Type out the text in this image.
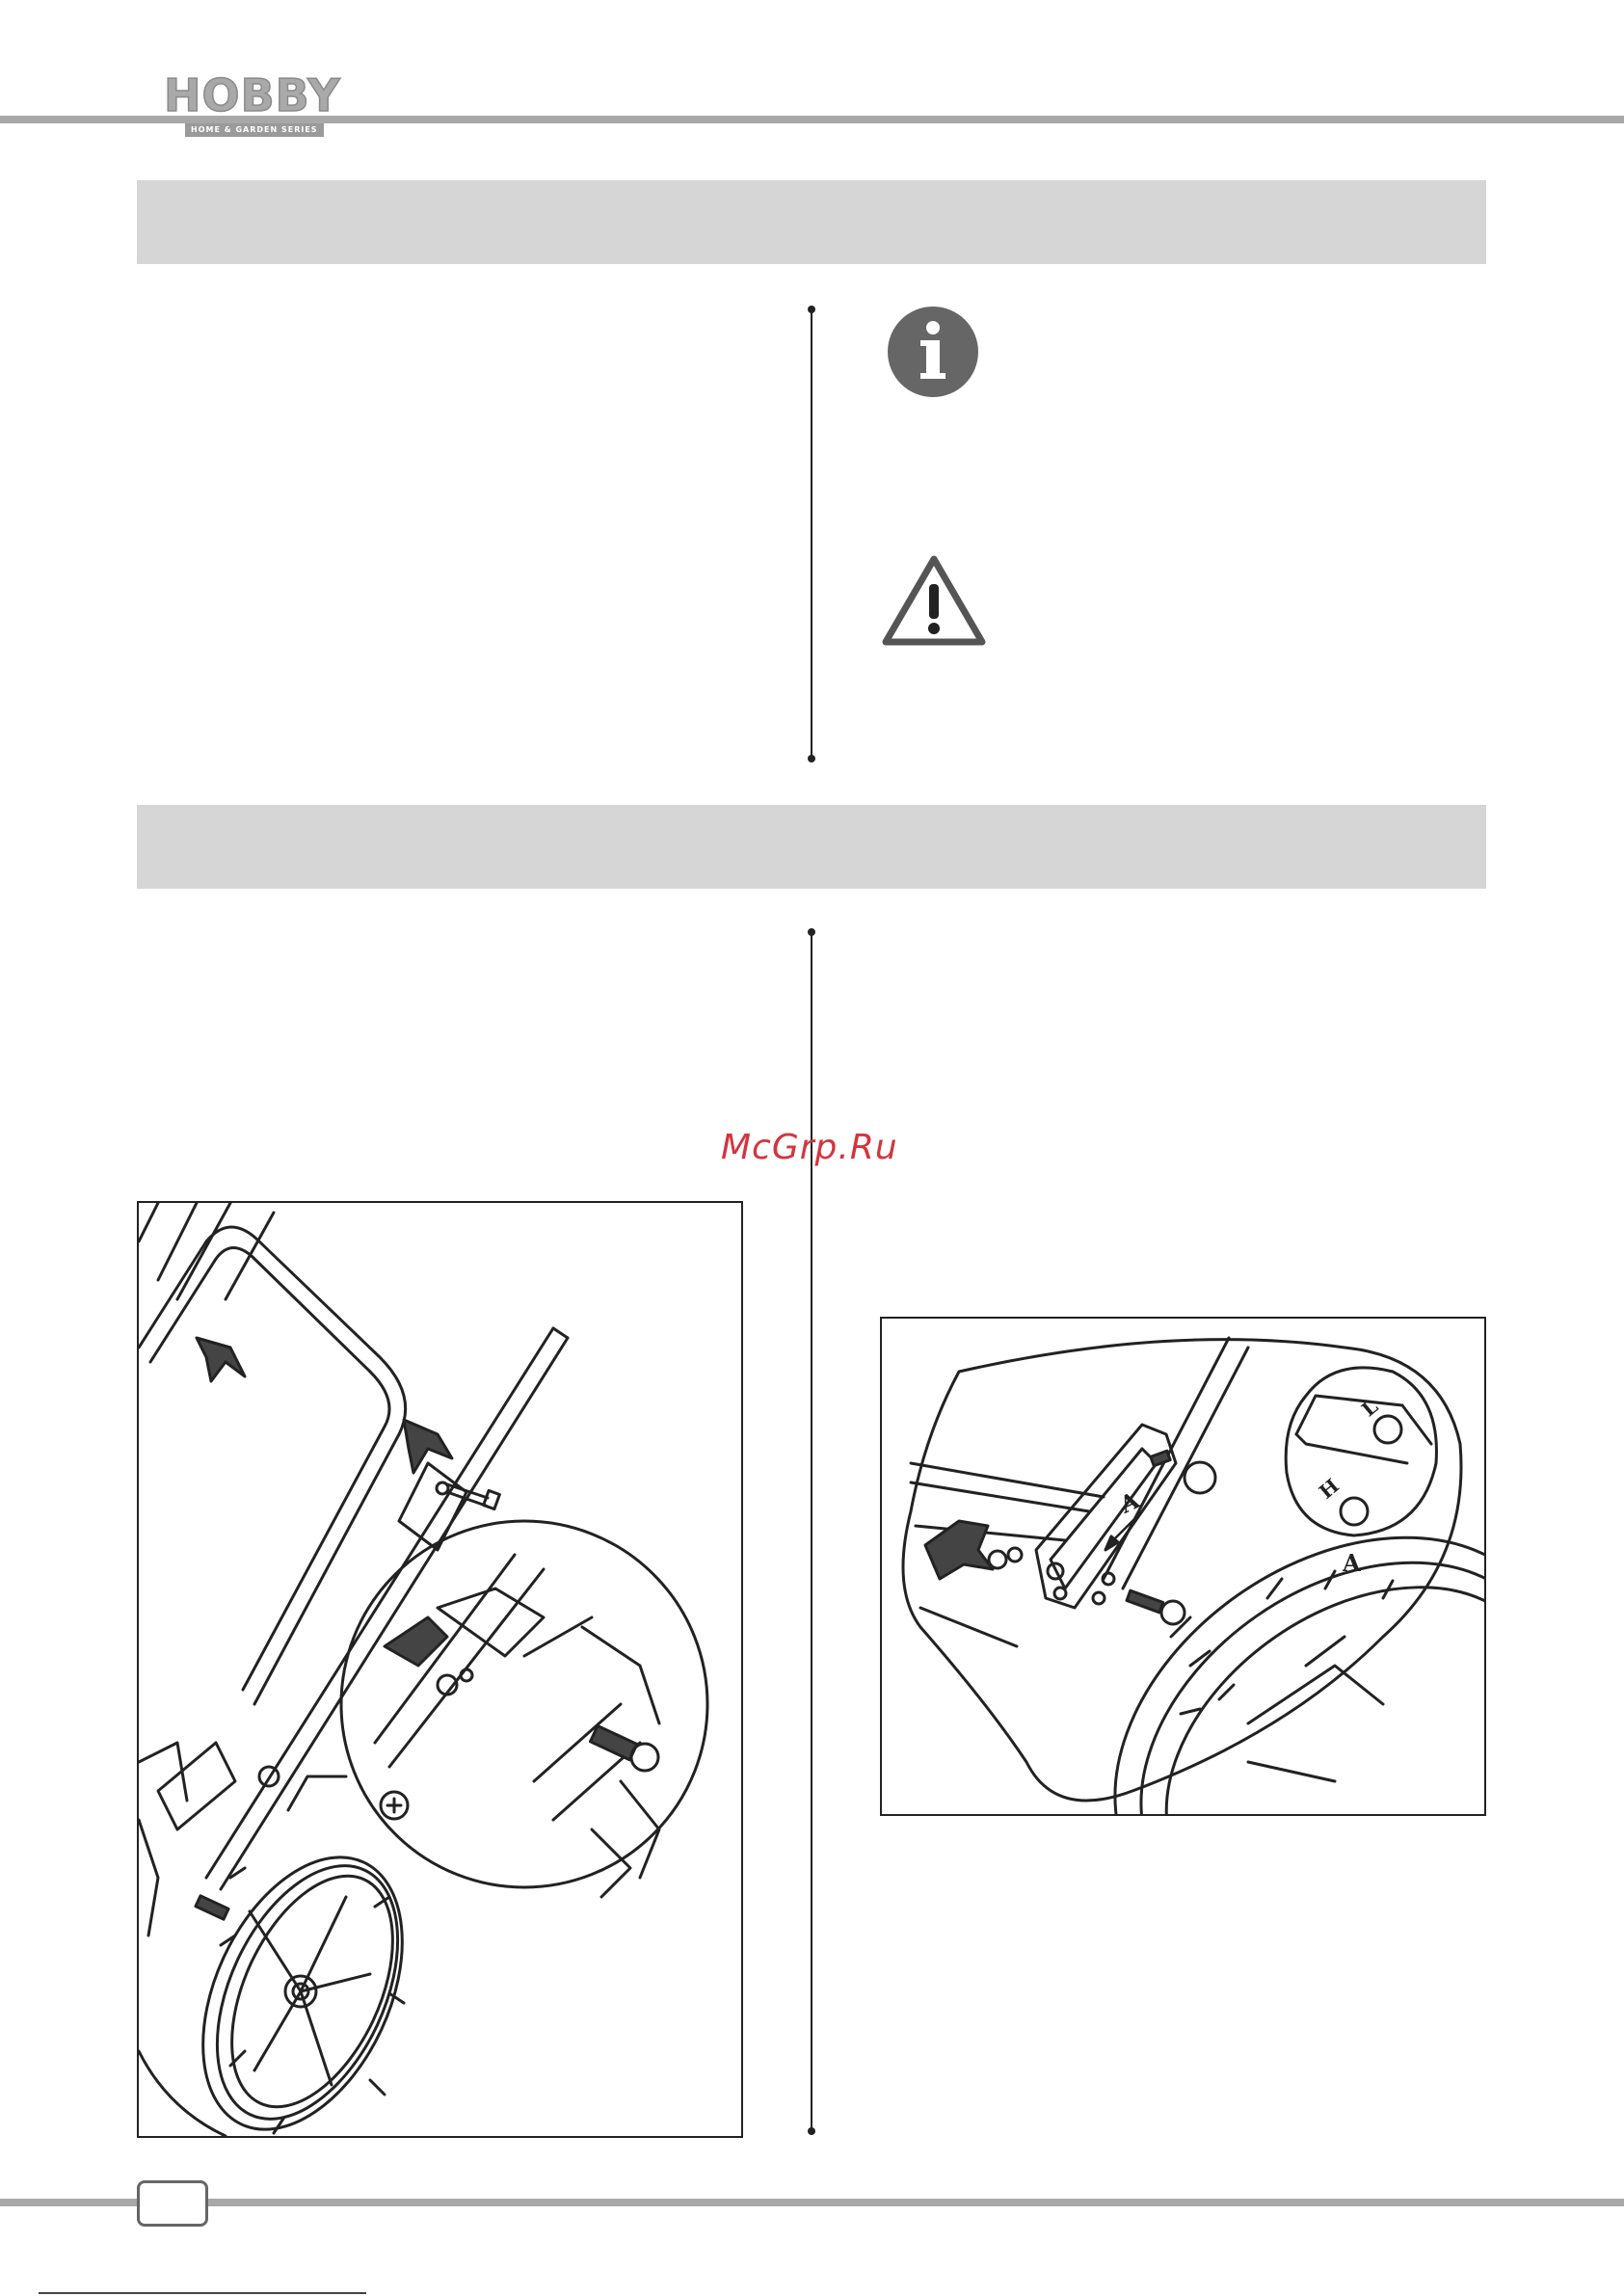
HOBBY
HOME & GARDEN SERIES
McGrp.Ru
A
A
H
L
